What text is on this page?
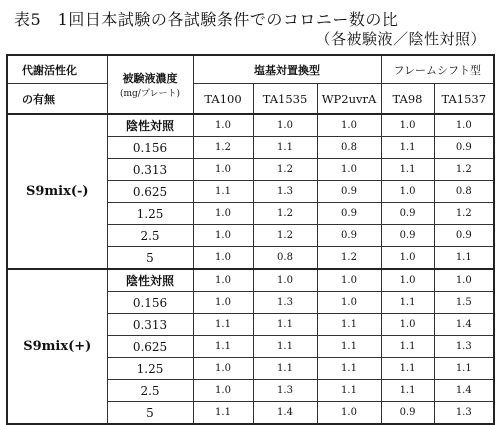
表5　1回日本試験の各試験条件でのコロニー数の比
（各被験液／陰性対照）
代謝活性化	被験液濃度
(mg/プレート)	塩基対置換型			フレームシフト型	
の有無		TA100	TA1535	WP2uvrA	TA98	TA1537
S9mix(-)	陰性対照	1.0	1.0	1.0	1.0	1.0
	0.156	1.2	1.1	0.8	1.1	0.9
	0.313	1.0	1.2	1.0	1.1	1.2
	0.625	1.1	1.3	0.9	1.0	0.8
	1.25	1.0	1.2	0.9	0.9	1.2
	2.5	1.0	1.2	0.9	0.9	0.9
	5	1.0	0.8	1.2	1.0	1.1
S9mix(+)	陰性対照	1.0	1.0	1.0	1.0	1.0
	0.156	1.0	1.3	1.0	1.1	1.5
	0.313	1.1	1.1	1.1	1.0	1.4
	0.625	1.1	1.1	1.1	1.1	1.3
	1.25	1.0	1.1	1.1	1.1	1.1
	2.5	1.0	1.3	1.1	1.1	1.4
	5	1.1	1.4	1.0	0.9	1.3
